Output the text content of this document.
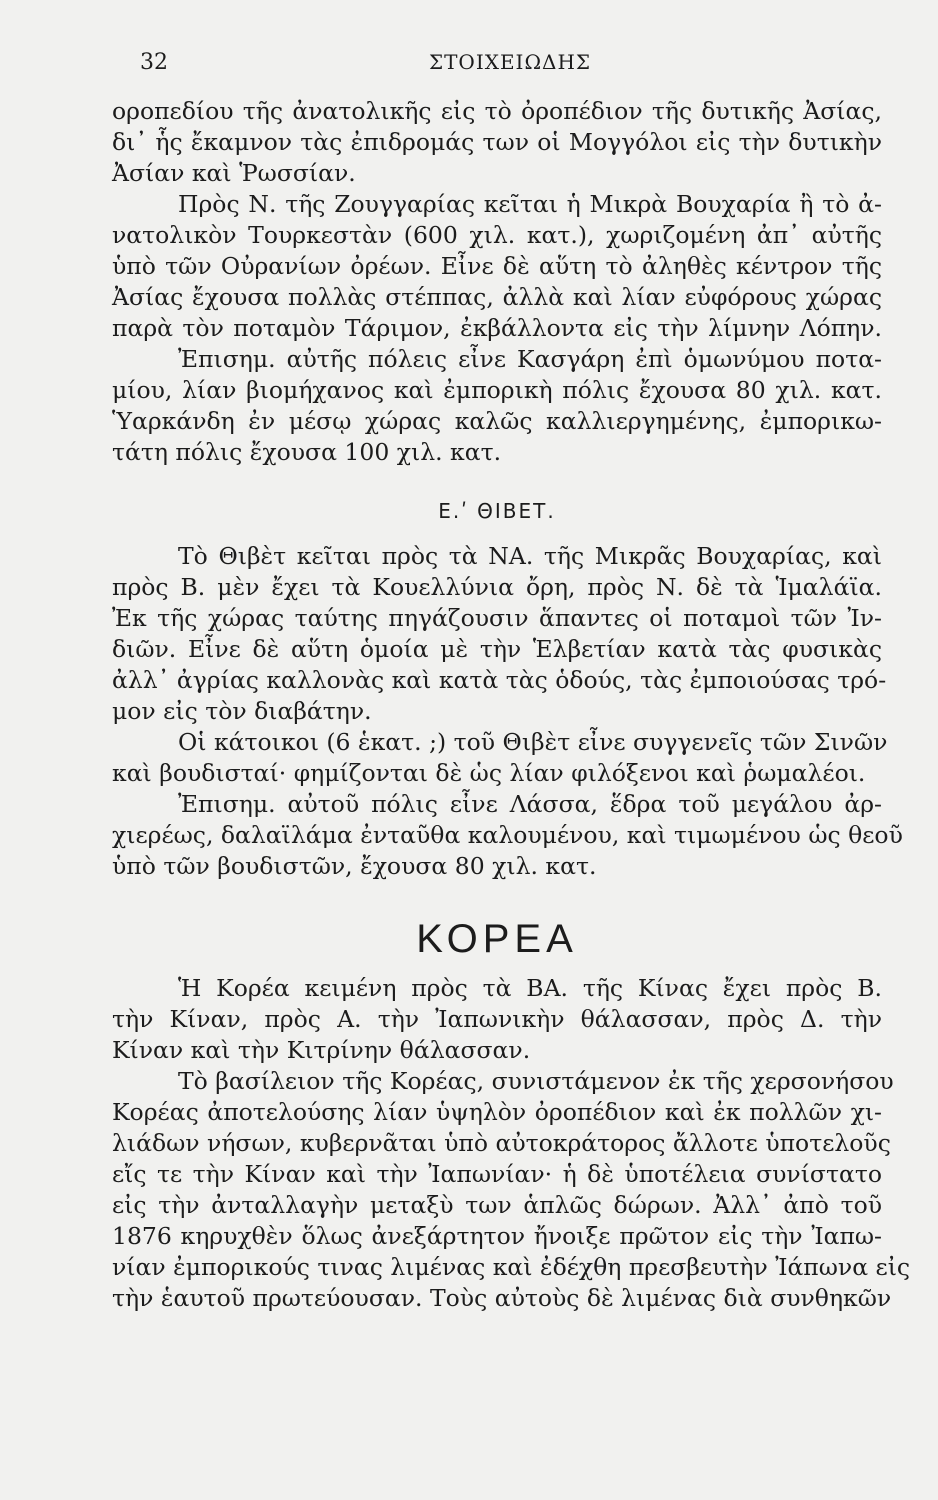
32	ΣΤΟΙΧΕΙΩΔΗΣ
οροπεδίου τῆς ἀνατολικῆς εἰς τὸ ὀροπέδιον τῆς δυτικῆς Ἀσίας,
δι᾽ ἧς ἔκαμνον τὰς ἐπιδρομάς των οἱ Μογγόλοι εἰς τὴν δυτικὴν
Ἀσίαν καὶ Ῥωσσίαν.
Πρὸς Ν. τῆς Ζουγγαρίας κεῖται ἡ Μικρὰ Βουχαρία ἢ τὸ ἀ-
νατολικὸν Τουρκεστὰν (600 χιλ. κατ.), χωριζομένη ἀπ᾽ αὐτῆς
ὑπὸ τῶν Οὐρανίων ὀρέων. Εἶνε δὲ αὕτη τὸ ἀληθὲς κέντρον τῆς
Ἀσίας ἔχουσα πολλὰς στέππας, ἀλλὰ καὶ λίαν εὐφόρους χώρας
παρὰ τὸν ποταμὸν Τάριμον, ἐκβάλλοντα εἰς τὴν λίμνην Λόπην.
Ἐπισημ. αὐτῆς πόλεις εἶνε Κασγάρη ἐπὶ ὁμωνύμου ποτα-
μίου, λίαν βιομήχανος καὶ ἐμπορικὴ πόλις ἔχουσα 80 χιλ. κατ.
Ὑαρκάνδη ἐν μέσῳ χώρας καλῶς καλλιεργημένης, ἐμπορικω-
τάτη πόλις ἔχουσα 100 χιλ. κατ.
Ε.ʹ ΘΙΒΕΤ.
Τὸ Θιβὲτ κεῖται πρὸς τὰ ΝΑ. τῆς Μικρᾶς Βουχαρίας, καὶ
πρὸς Β. μὲν ἔχει τὰ Κουελλύνια ὄρη, πρὸς Ν. δὲ τὰ Ἱμαλάϊα.
Ἐκ τῆς χώρας ταύτης πηγάζουσιν ἅπαντες οἱ ποταμοὶ τῶν Ἰν-
διῶν. Εἶνε δὲ αὕτη ὁμοία μὲ τὴν Ἑλβετίαν κατὰ τὰς φυσικὰς
ἀλλ᾽ ἀγρίας καλλονὰς καὶ κατὰ τὰς ὁδούς, τὰς ἐμποιούσας τρό-
μον εἰς τὸν διαβάτην.
Οἱ κάτοικοι (6 ἑκατ. ;) τοῦ Θιβὲτ εἶνε συγγενεῖς τῶν Σινῶν
καὶ βουδισταί· φημίζονται δὲ ὡς λίαν φιλόξενοι καὶ ῥωμαλέοι.
Ἐπισημ. αὐτοῦ πόλις εἶνε Λάσσα, ἕδρα τοῦ μεγάλου ἀρ-
χιερέως, δαλαϊλάμα ἐνταῦθα καλουμένου, καὶ τιμωμένου ὡς θεοῦ
ὑπὸ τῶν βουδιστῶν, ἔχουσα 80 χιλ. κατ.
ΚΟΡΕΑ
Ἡ Κορέα κειμένη πρὸς τὰ ΒΑ. τῆς Κίνας ἔχει πρὸς Β.
τὴν Κίναν, πρὸς Α. τὴν Ἰαπωνικὴν θάλασσαν, πρὸς Δ. τὴν
Κίναν καὶ τὴν Κιτρίνην θάλασσαν.
Τὸ βασίλειον τῆς Κορέας, συνιστάμενον ἐκ τῆς χερσονήσου
Κορέας ἀποτελούσης λίαν ὑψηλὸν ὀροπέδιον καὶ ἐκ πολλῶν χι-
λιάδων νήσων, κυβερνᾶται ὑπὸ αὐτοκράτορος ἄλλοτε ὑποτελοῦς
εἴς τε τὴν Κίναν καὶ τὴν Ἰαπωνίαν· ἡ δὲ ὑποτέλεια συνίστατο
εἰς τὴν ἀνταλλαγὴν μεταξὺ των ἁπλῶς δώρων. Ἀλλ᾽ ἀπὸ τοῦ
1876 κηρυχθὲν ὅλως ἀνεξάρτητον ἤνοιξε πρῶτον εἰς τὴν Ἰαπω-
νίαν ἐμπορικούς τινας λιμένας καὶ ἐδέχθη πρεσβευτὴν Ἰάπωνα εἰς
τὴν ἑαυτοῦ πρωτεύουσαν. Τοὺς αὐτοὺς δὲ λιμένας διὰ συνθηκῶν
